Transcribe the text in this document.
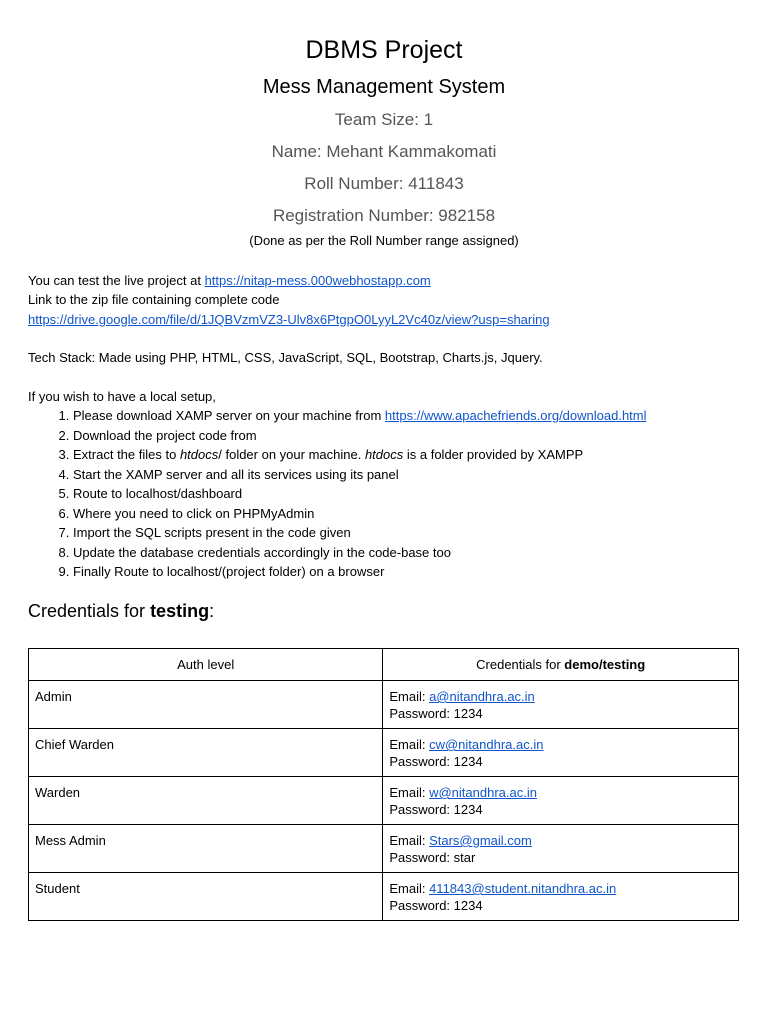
DBMS Project
Mess Management System
Team Size: 1
Name: Mehant Kammakomati
Roll Number: 411843
Registration Number: 982158
(Done as per the Roll Number range assigned)
You can test the live project at https://nitap-mess.000webhostapp.com
Link to the zip file containing complete code
https://drive.google.com/file/d/1JQBVzmVZ3-Ulv8x6PtgpO0LyyL2Vc40z/view?usp=sharing
Tech Stack: Made using PHP, HTML, CSS, JavaScript, SQL, Bootstrap, Charts.js, Jquery.
If you wish to have a local setup,
1. Please download XAMP server on your machine from https://www.apachefriends.org/download.html
2. Download the project code from
3. Extract the files to htdocs/ folder on your machine. htdocs is a folder provided by XAMPP
4. Start the XAMP server and all its services using its panel
5. Route to localhost/dashboard
6. Where you need to click on PHPMyAdmin
7. Import the SQL scripts present in the code given
8. Update the database credentials accordingly in the code-base too
9. Finally Route to localhost/(project folder) on a browser
Credentials for testing:
Auth level	Credentials for demo/testing
Admin	Email: a@nitandhra.ac.in
Password: 1234
Chief Warden	Email: cw@nitandhra.ac.in
Password: 1234
Warden	Email: w@nitandhra.ac.in
Password: 1234
Mess Admin	Email: Stars@gmail.com
Password: star
Student	Email: 411843@student.nitandhra.ac.in
Password: 1234
